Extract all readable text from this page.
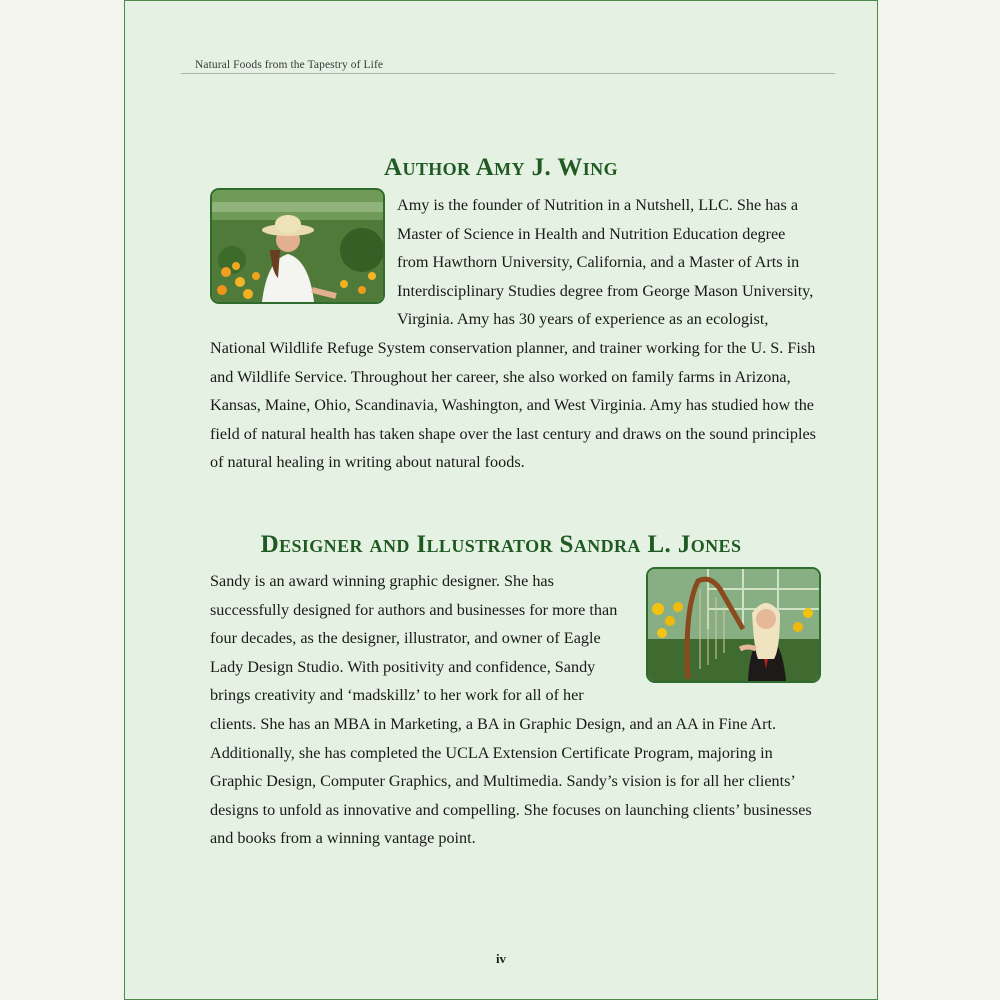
Natural Foods from the Tapestry of Life
Author Amy J. Wing

Amy is the founder of Nutrition in a Nutshell, LLC. She has a Master of Science in Health and Nutrition Education degree from Hawthorn University, California, and a Master of Arts in Interdisciplinary Studies degree from George Mason University, Virginia. Amy has 30 years of experience as an ecologist, National Wildlife Refuge System conservation planner, and trainer working for the U. S. Fish and Wildlife Service. Throughout her career, she also worked on family farms in Arizona, Kansas, Maine, Ohio, Scandinavia, Washington, and West Virginia. Amy has studied how the field of natural health has taken shape over the last century and draws on the sound principles of natural healing in writing about natural foods.

Designer and Illustrator Sandra L. Jones

Sandy is an award winning graphic designer. She has successfully designed for authors and businesses for more than four decades, as the designer, illustrator, and owner of Eagle Lady Design Studio. With positivity and confidence, Sandy brings creativity and ‘madskillz’ to her work for all of her clients. She has an MBA in Marketing, a BA in Graphic Design, and an AA in Fine Art. Additionally, she has completed the UCLA Extension Certificate Program, majoring in Graphic Design, Computer Graphics, and Multimedia. Sandy’s vision is for all her clients’ designs to unfold as innovative and compelling. She focuses on launching clients’ businesses and books from a winning vantage point.

iv
